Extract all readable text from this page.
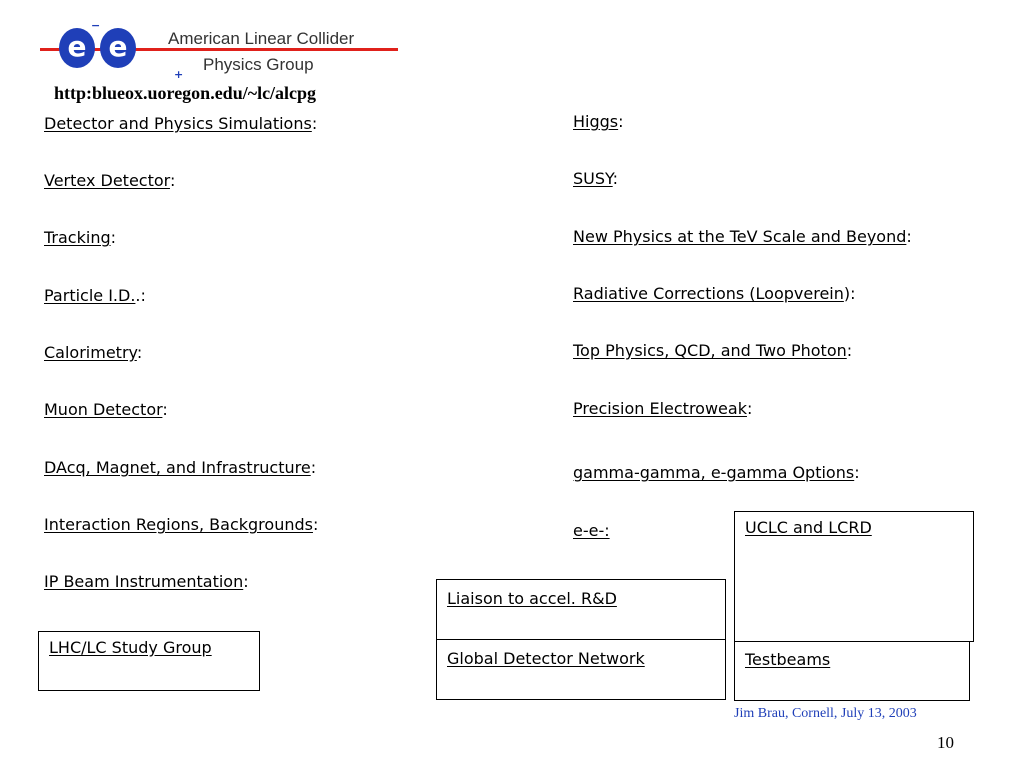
e
−
e
+
American Linear Collider
Physics Group
http:blueox.uoregon.edu/~lc/alcpg
Detector and Physics Simulations:
Vertex Detector:
Tracking:
Particle I.D..:
Calorimetry:
Muon Detector:
DAcq, Magnet, and Infrastructure:
Interaction Regions, Backgrounds:
IP Beam Instrumentation:
Higgs:
SUSY:
New Physics at the TeV Scale and Beyond:
Radiative Corrections (Loopverein):
Top Physics, QCD, and Two Photon:
Precision Electroweak:
gamma-gamma, e-gamma Options:
e-e-:
LHC/LC Study Group
Liaison to accel. R&D
Global Detector Network	Testbeams
UCLC and LCRD
Jim Brau, Cornell, July 13, 2003
10
